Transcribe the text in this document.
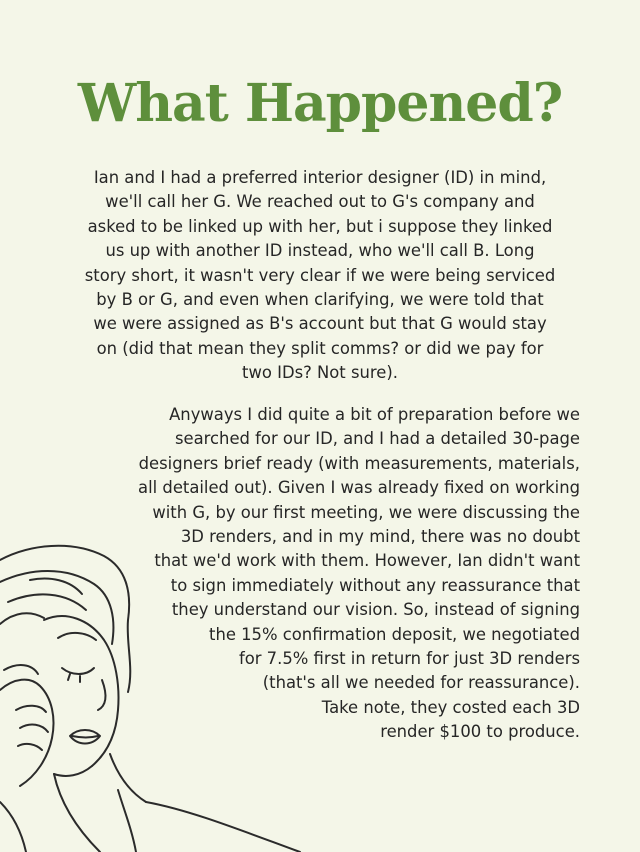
What Happened?
Ian and I had a preferred interior designer (ID) in mind,
we'll call her G. We reached out to G's company and
asked to be linked up with her, but i suppose they linked
us up with another ID instead, who we'll call B. Long
story short, it wasn't very clear if we were being serviced
by B or G, and even when clarifying, we were told that
we were assigned as B's account but that G would stay
on (did that mean they split comms? or did we pay for
two IDs? Not sure).
Anyways I did quite a bit of preparation before we
searched for our ID, and I had a detailed 30-page
designers brief ready (with measurements, materials,
all detailed out). Given I was already fixed on working
with G, by our first meeting, we were discussing the
3D renders, and in my mind, there was no doubt
that we'd work with them. However, Ian didn't want
to sign immediately without any reassurance that
they understand our vision. So, instead of signing
the 15% confirmation deposit, we negotiated
for 7.5% first in return for just 3D renders
(that's all we needed for reassurance).
Take note, they costed each 3D
render $100 to produce.
